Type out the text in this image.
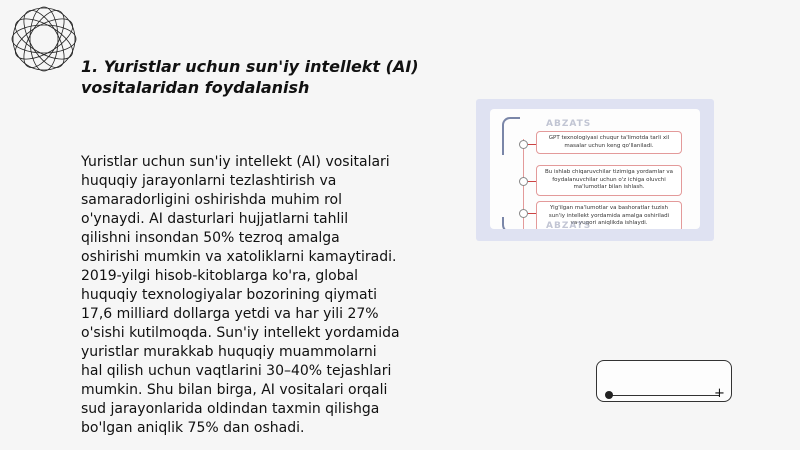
1. Yuristlar uchun sun'iy intellekt (AI)
vositalaridan foydalanish
Yuristlar uchun sun'iy intellekt (AI) vositalari
huquqiy jarayonlarni tezlashtirish va
samaradorligini oshirishda muhim rol
o'ynaydi. AI dasturlari hujjatlarni tahlil
qilishni insondan 50% tezroq amalga
oshirishi mumkin va xatoliklarni kamaytiradi.
2019-yilgi hisob-kitoblarga ko'ra, global
huquqiy texnologiyalar bozorining qiymati
17,6 milliard dollarga yetdi va har yili 27%
o'sishi kutilmoqda. Sun'iy intellekt yordamida
yuristlar murakkab huquqiy muammolarni
hal qilish uchun vaqtlarini 30–40% tejashlari
mumkin. Shu bilan birga, AI vositalari orqali
sud jarayonlarida oldindan taxmin qilishga
bo'lgan aniqlik 75% dan oshadi.
ABZATS
GPT texnologiyasi chuqur ta'limotda tarli xil
masalar uchun keng qo'llaniladi.
Bu ishlab chiqaruvchilar tizimiga yordamlar va
foydalanuvchilar uchun o'z ichiga oluvchi
ma'lumotlar bilan ishlash.
Yig'ilgan ma'lumotlar va bashoratlar tuzish
sun'iy intellekt yordamida amalga oshiriladi
va yuqori aniqlikda ishlaydi.
ABZATS
+
